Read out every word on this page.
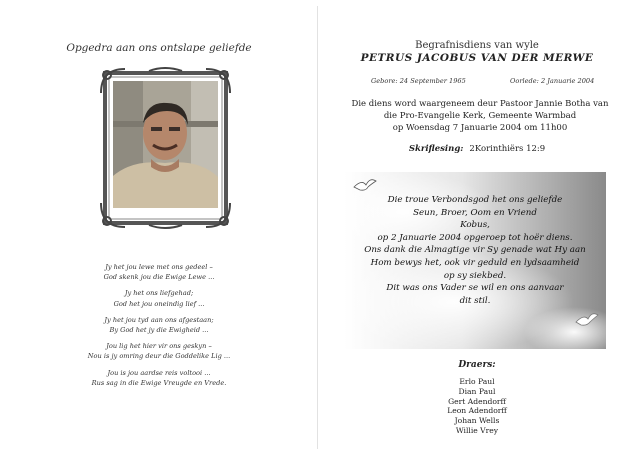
Opgedra aan ons ontslape geliefde
Jy het jou lewe met ons gedeel –
God skenk jou die Ewige Lewe ...
Jy het ons liefgehad;
God het jou oneindig lief ...
Jy het jou tyd aan ons afgestaan;
By God het jy die Ewigheid ...
Jou lig het hier vir ons geskyn –
Nou is jy omring deur die Goddelike Lig ...
Jou is jou aardse reis voltooi ...
Rus sag in die Ewige Vreugde en Vrede.
Begrafnisdiens van wyle
PETRUS JACOBUS VAN DER MERWE
Gebore: 24 September 1965	Oorlede: 2 Januarie 2004
Die diens word waargeneem deur Pastoor Jannie Botha van
die Pro-Evangelie Kerk, Gemeente Warmbad
op Woensdag 7 Januarie 2004 om 11h00
Skriflesing: 2Korinthiërs 12:9
Die troue Verbondsgod het ons geliefde
Seun, Broer, Oom en Vriend
Kobus,
op 2 Januarie 2004 opgeroep tot hoër diens.
Ons dank die Almagtige vir Sy genade wat Hy aan
Hom bewys het, ook vir geduld en lydsaamheid
op sy siekbed.
Dit was ons Vader se wil en ons aanvaar
dit stil.
Draers:
Erlo Paul
Dian Paul
Gert Adendorff
Leon Adendorff
Johan Wells
Willie Vrey
